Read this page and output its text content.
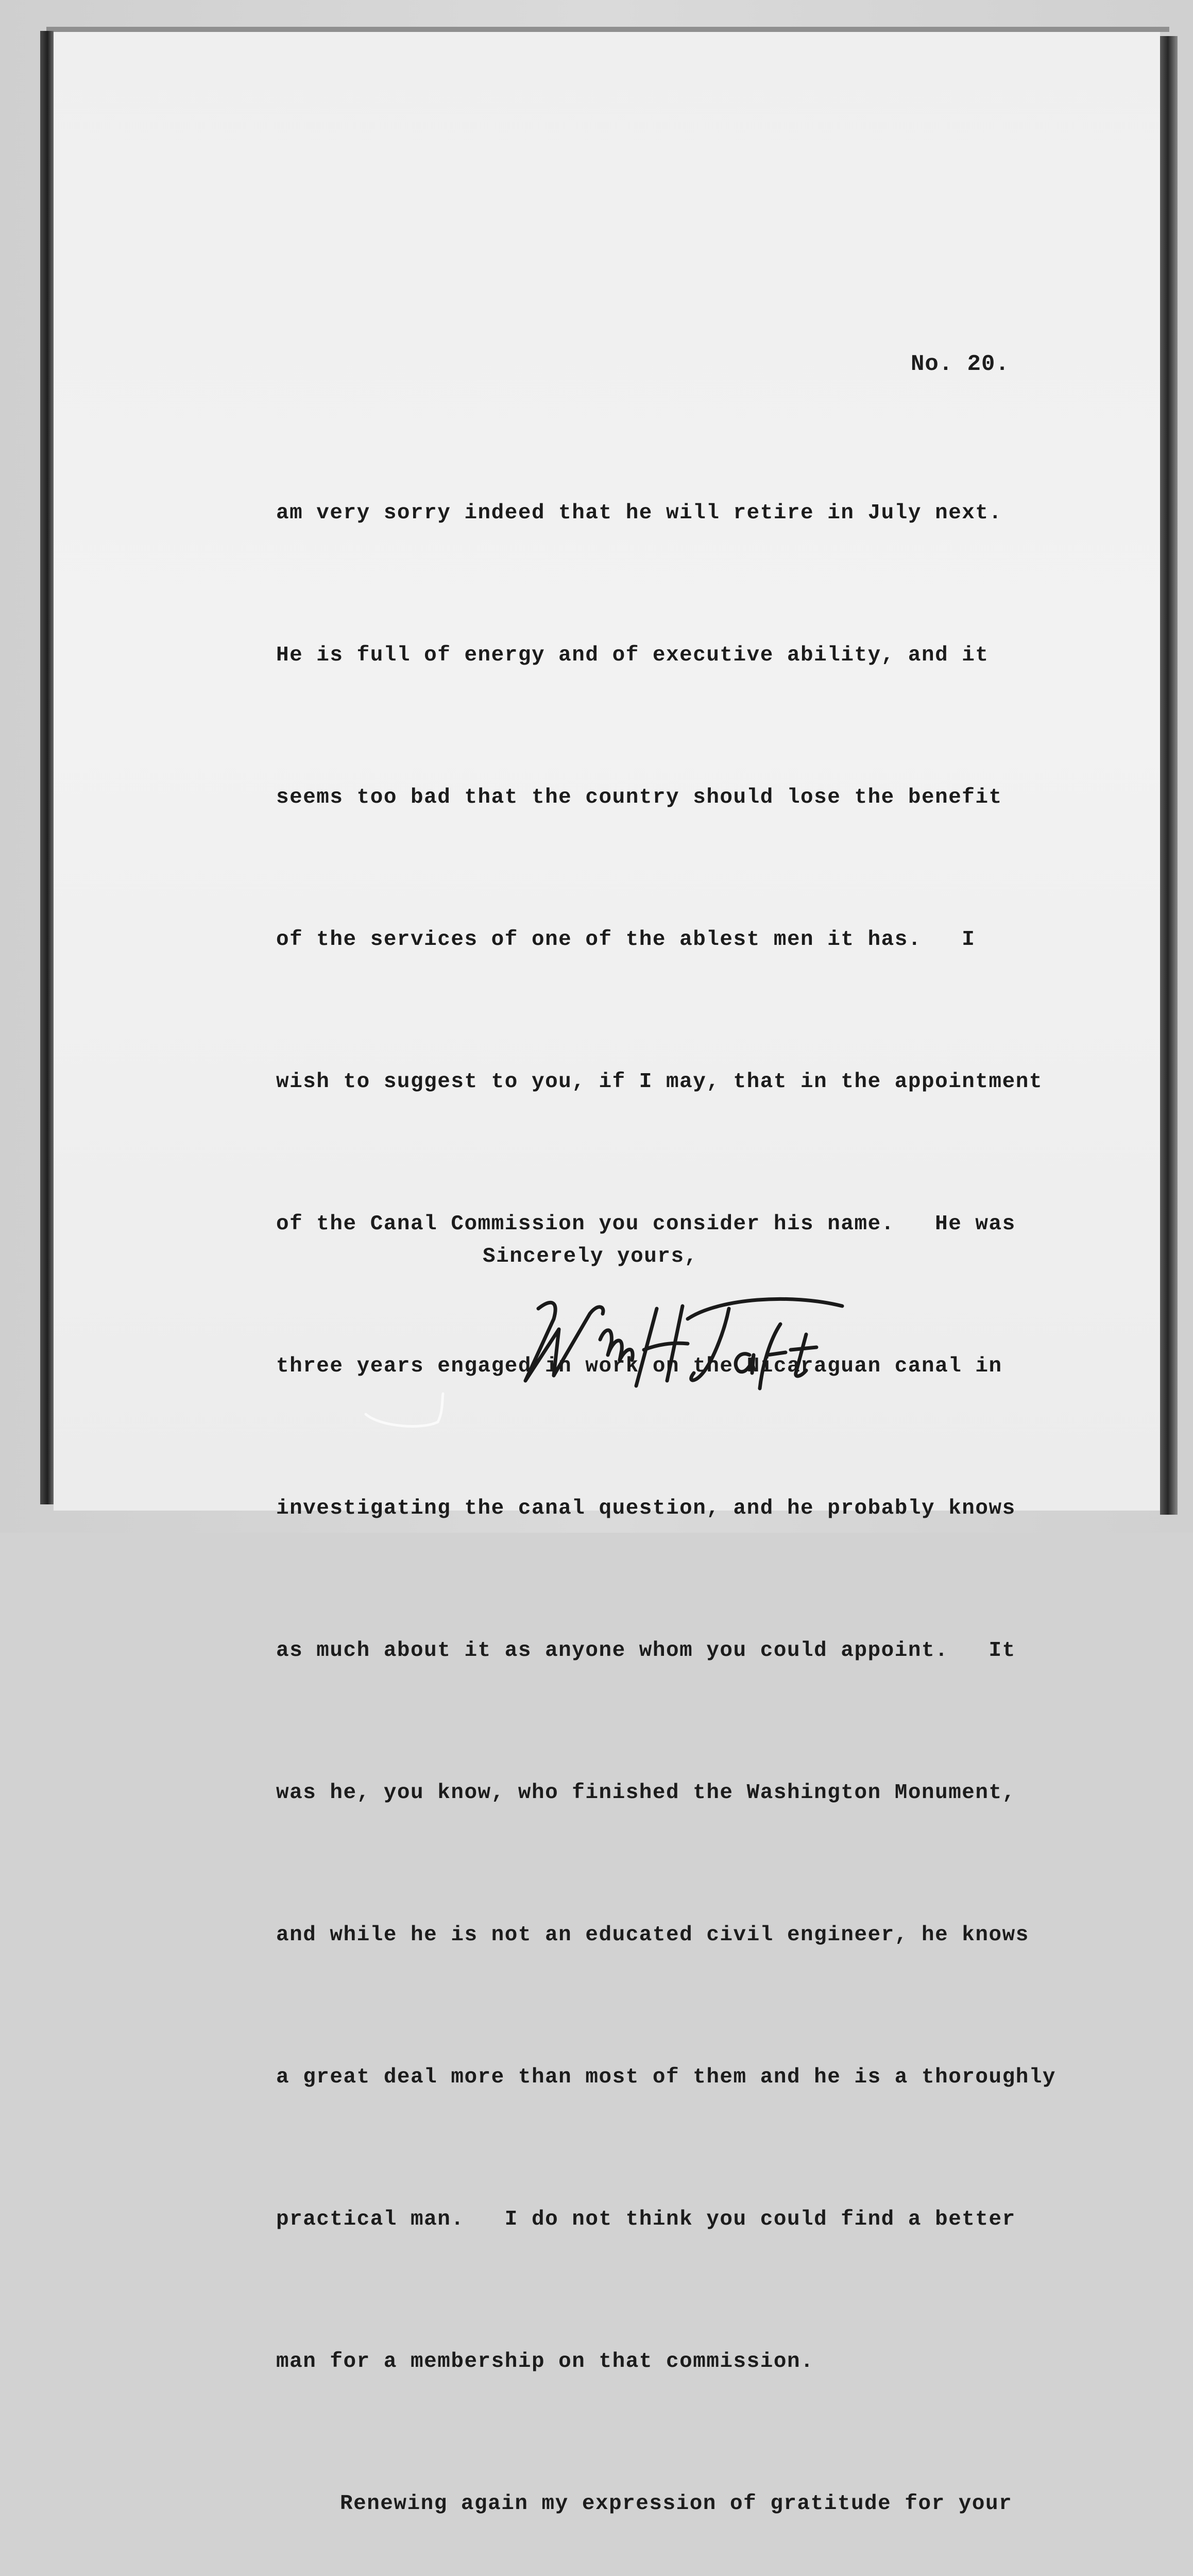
No. 20.

am very sorry indeed that he will retire in July next.

He is full of energy and of executive ability, and it

seems too bad that the country should lose the benefit

of the services of one of the ablest men it has.   I

wish to suggest to you, if I may, that in the appointment

of the Canal Commission you consider his name.   He was

three years engaged in work on the Nicaraguan canal in

investigating the canal question, and he probably knows

as much about it as anyone whom you could appoint.   It

was he, you know, who finished the Washington Monument,

and while he is not an educated civil engineer, he knows

a great deal more than most of them and he is a thoroughly

practical man.   I do not think you could find a better

man for a membership on that commission.

Renewing again my expression of gratitude for your

Sincerely yours,
